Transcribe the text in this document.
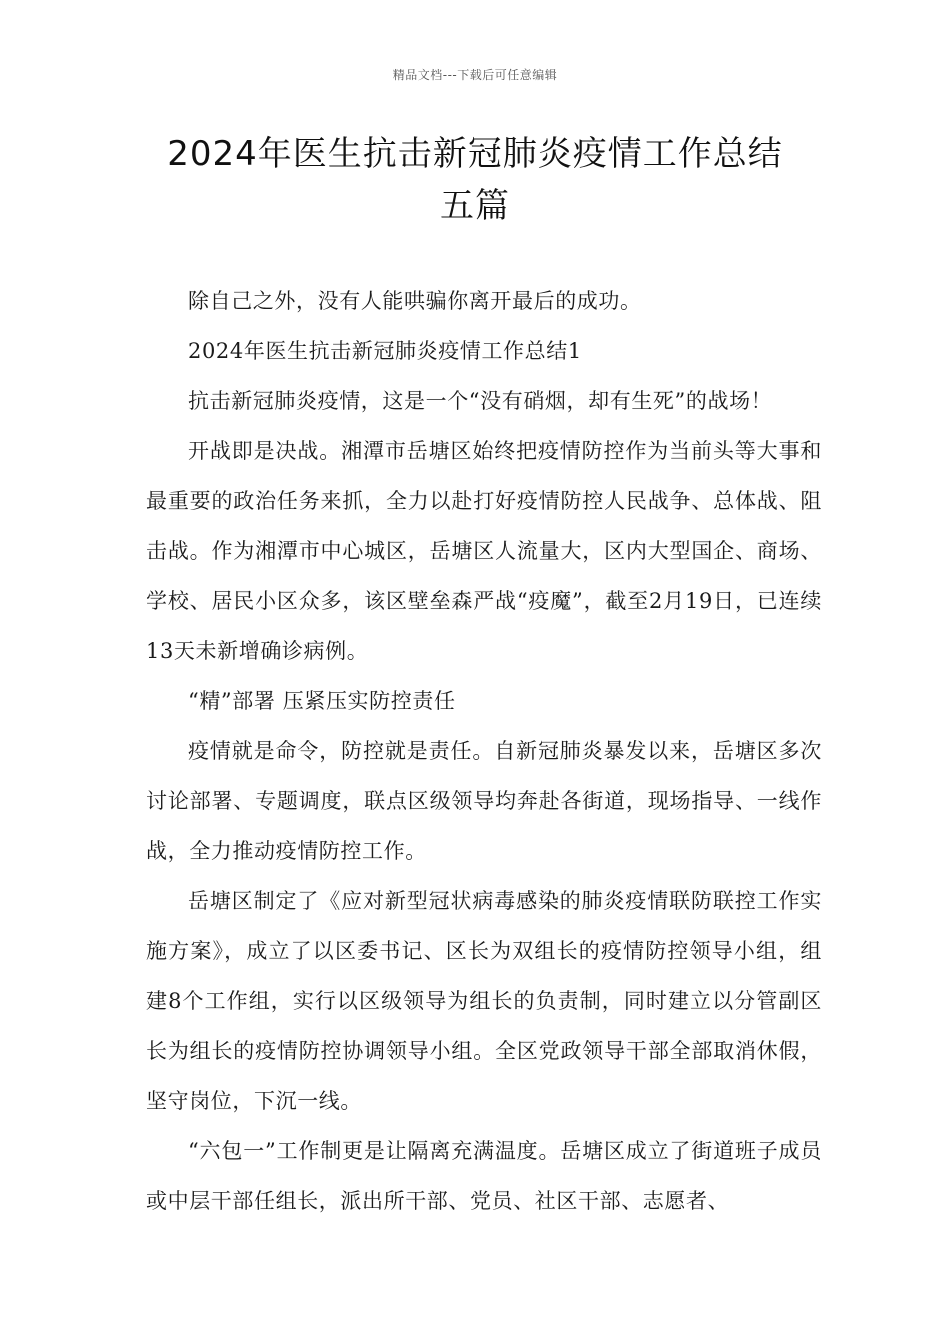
精品文档---下载后可任意编辑
2024年医生抗击新冠肺炎疫情工作总结
五篇

除自己之外，没有人能哄骗你离开最后的成功。

2024年医生抗击新冠肺炎疫情工作总结1

抗击新冠肺炎疫情，这是一个“没有硝烟，却有生死”的战场！

开战即是决战。湘潭市岳塘区始终把疫情防控作为当前头等大事和最重要的政治任务来抓，全力以赴打好疫情防控人民战争、总体战、阻击战。作为湘潭市中心城区，岳塘区人流量大，区内大型国企、商场、学校、居民小区众多，该区壁垒森严战“疫魔”，截至2月19日，已连续13天未新增确诊病例。

“精”部署 压紧压实防控责任

疫情就是命令，防控就是责任。自新冠肺炎暴发以来，岳塘区多次讨论部署、专题调度，联点区级领导均奔赴各街道，现场指导、一线作战，全力推动疫情防控工作。

岳塘区制定了《应对新型冠状病毒感染的肺炎疫情联防联控工作实施方案》，成立了以区委书记、区长为双组长的疫情防控领导小组，组建8个工作组，实行以区级领导为组长的负责制，同时建立以分管副区长为组长的疫情防控协调领导小组。全区党政领导干部全部取消休假，坚守岗位，下沉一线。

“六包一”工作制更是让隔离充满温度。岳塘区成立了街道班子成员或中层干部任组长，派出所干部、党员、社区干部、志愿者、
